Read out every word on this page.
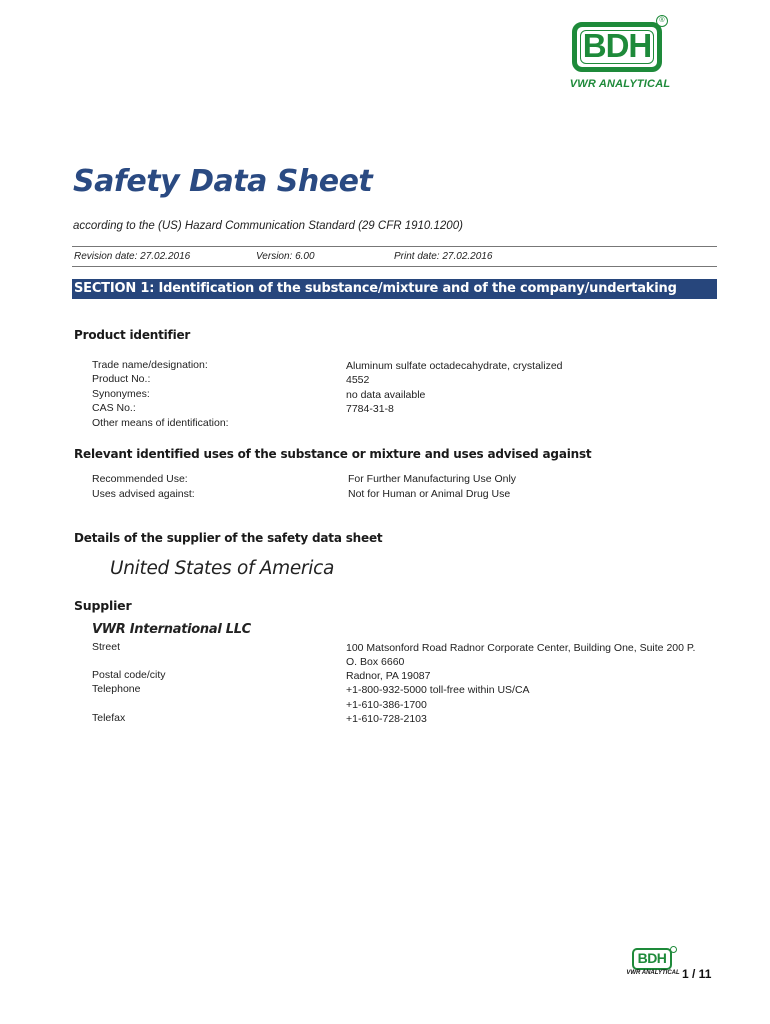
BDH
®
VWR ANALYTICAL
Safety Data Sheet
according to the (US) Hazard Communication Standard (29 CFR 1910.1200)
Revision date: 27.02.2016	Version: 6.00	Print date: 27.02.2016
SECTION 1: Identification of the substance/mixture and of the company/undertaking
Product identifier
Trade name/designation:	Aluminum sulfate octadecahydrate, crystalized
Product No.:	4552
Synonymes:	no data available
CAS No.:	7784-31-8
Other means of identification:
Relevant identified uses of the substance or mixture and uses advised against
Recommended Use:	For Further Manufacturing Use Only
Uses advised against:	Not for Human or Animal Drug Use
Details of the supplier of the safety data sheet
United States of America
Supplier
VWR International LLC
Street	100 Matsonford Road Radnor Corporate Center, Building One, Suite 200 P. O. Box 6660
Postal code/city	Radnor, PA 19087
Telephone	+1-800-932-5000 toll-free within US/CA
+1-610-386-1700
Telefax	+1-610-728-2103
BDH
VWR ANALYTICAL 1 / 11
